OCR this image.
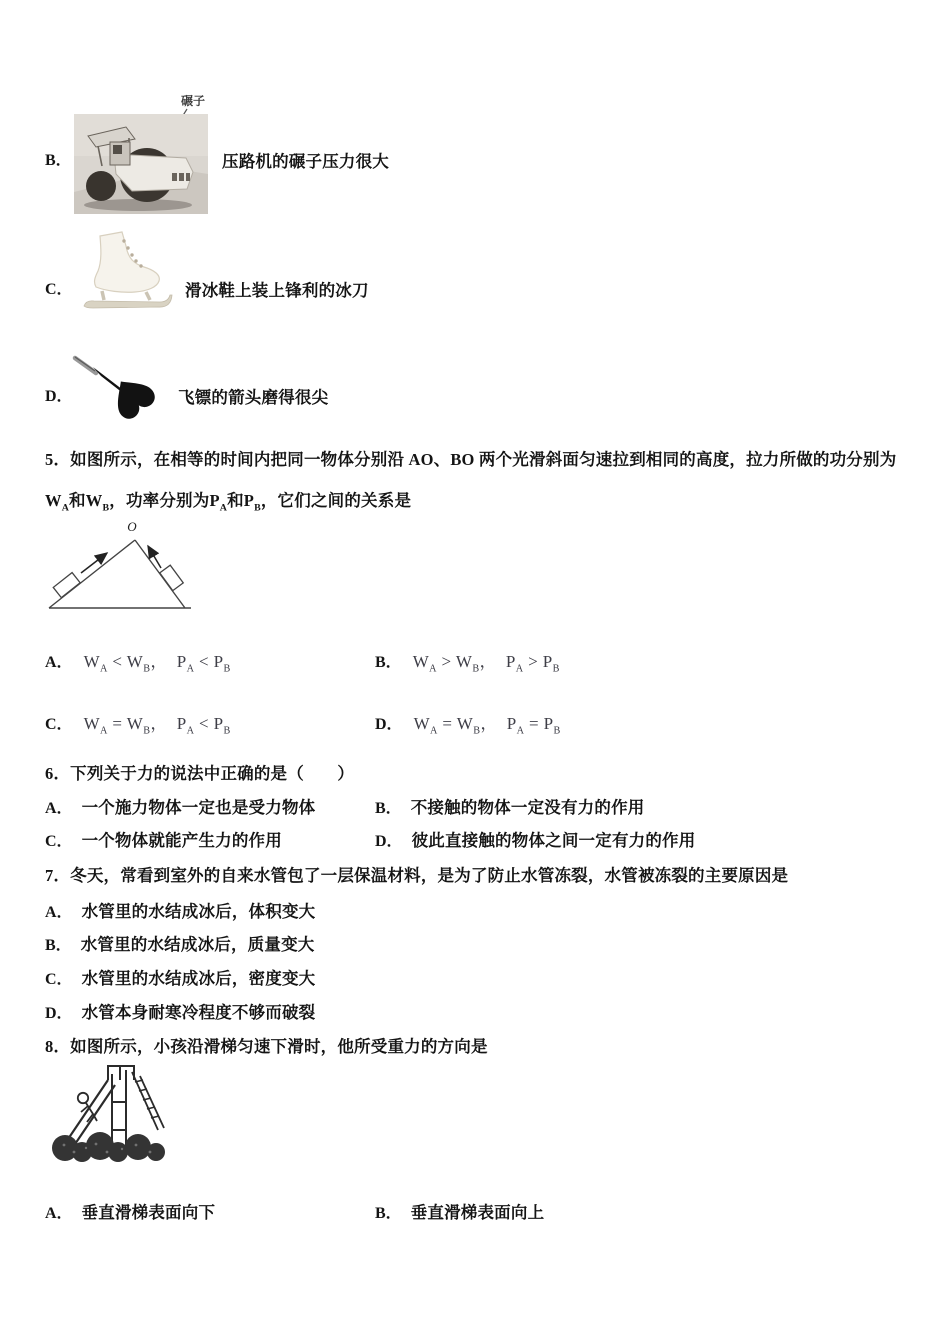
B．
碾子
压路机的碾子压力很大
C．	滑冰鞋上装上锋利的冰刀
D．	飞镖的箭头磨得很尖
5．如图所示，在相等的时间内把同一物体分别沿 AO、BO 两个光滑斜面匀速拉到相同的高度，拉力所做的功分别为
$W_A$和$W_B$，功率分别为$P_A$和$P_B$，它们之间的关系是
O
A． $W_A < W_B$， $P_A < P_B$	B． $W_A > W_B$， $P_A > P_B$
C． $W_A = W_B$， $P_A < P_B$	D． $W_A = W_B$， $P_A = P_B$
6．下列关于力的说法中正确的是（　　）
A． 一个施力物体一定也是受力物体	B． 不接触的物体一定没有力的作用
C． 一个物体就能产生力的作用	D． 彼此直接触的物体之间一定有力的作用
7．冬天，常看到室外的自来水管包了一层保温材料，是为了防止水管冻裂，水管被冻裂的主要原因是
A． 水管里的水结成冰后，体积变大
B． 水管里的水结成冰后，质量变大
C． 水管里的水结成冰后，密度变大
D． 水管本身耐寒冷程度不够而破裂
8．如图所示，小孩沿滑梯匀速下滑时，他所受重力的方向是
A． 垂直滑梯表面向下	B． 垂直滑梯表面向上
